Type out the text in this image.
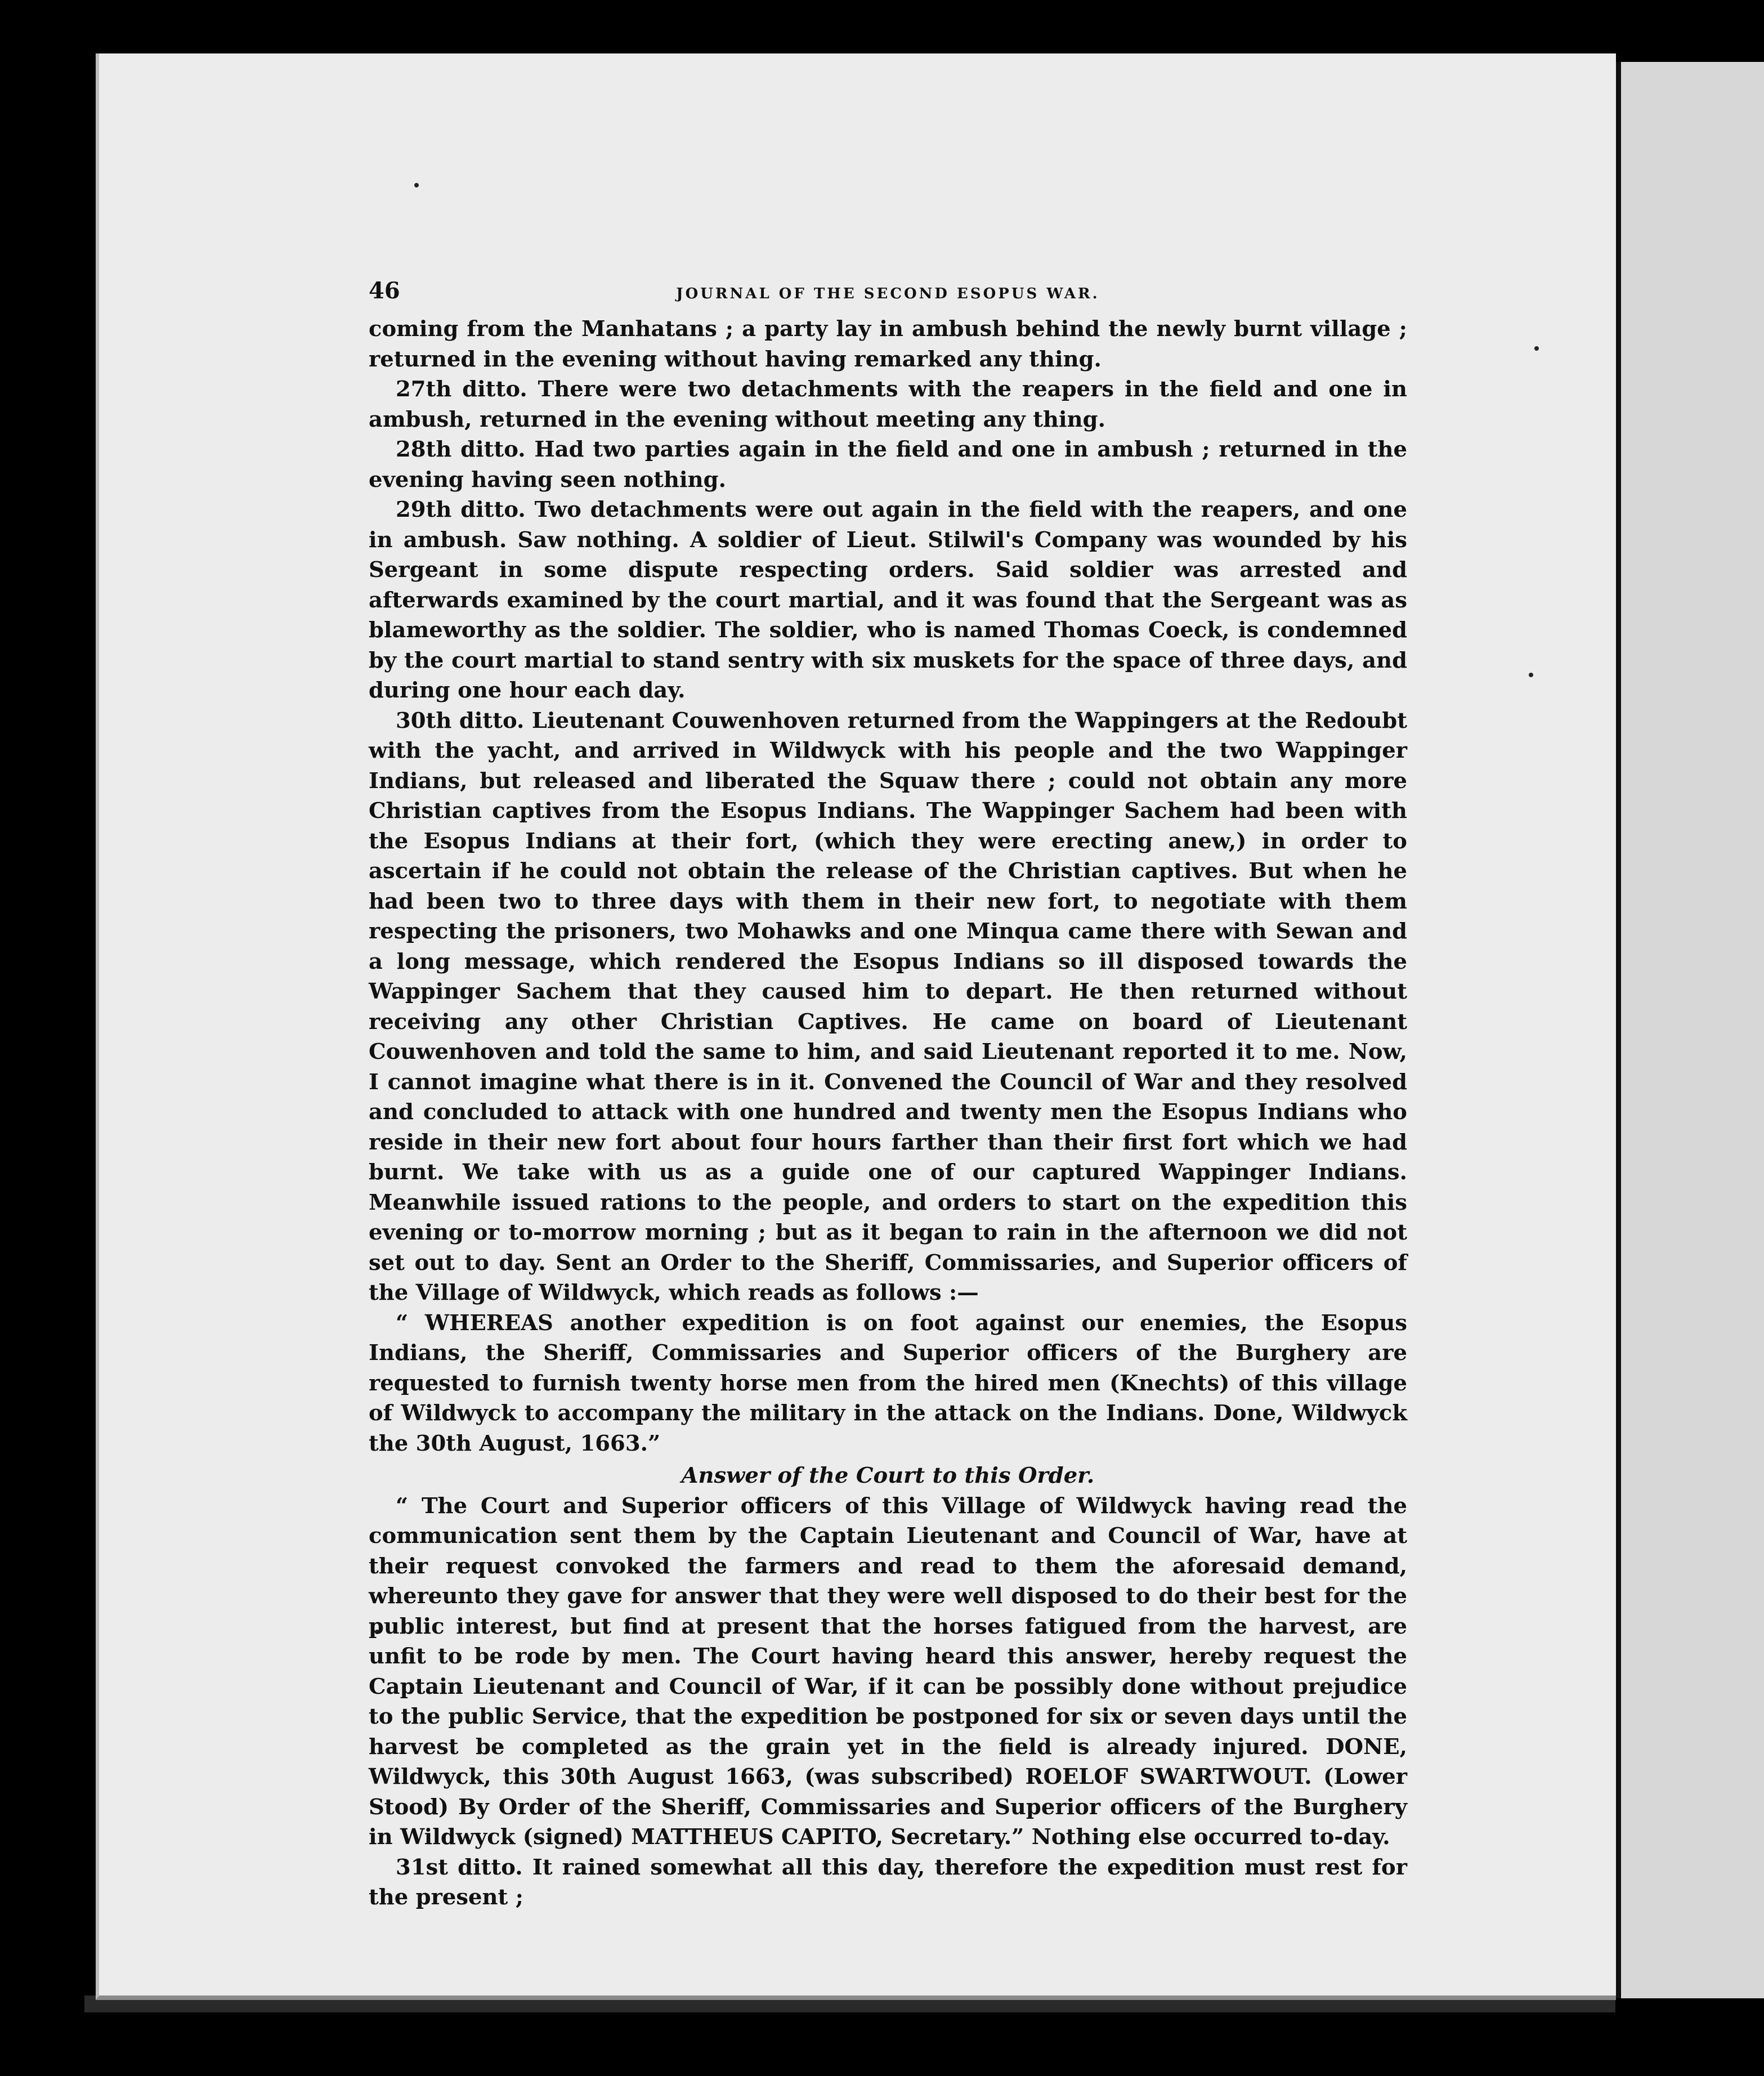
46	JOURNAL OF THE SECOND ESOPUS WAR.

coming from the Manhatans ; a party lay in ambush behind the newly burnt village ; returned in the evening without having remarked any thing.

27th ditto. There were two detachments with the reapers in the field and one in ambush, returned in the evening without meeting any thing.

28th ditto. Had two parties again in the field and one in ambush ; returned in the evening having seen nothing.

29th ditto. Two detachments were out again in the field with the reapers, and one in ambush. Saw nothing. A soldier of Lieut. Stilwil's Company was wounded by his Sergeant in some dispute respecting orders. Said soldier was arrested and afterwards examined by the court martial, and it was found that the Sergeant was as blameworthy as the soldier. The soldier, who is named Thomas Coeck, is condemned by the court martial to stand sentry with six muskets for the space of three days, and during one hour each day.

30th ditto. Lieutenant Couwenhoven returned from the Wappingers at the Redoubt with the yacht, and arrived in Wildwyck with his people and the two Wappinger Indians, but released and liberated the Squaw there ; could not obtain any more Christian captives from the Esopus Indians. The Wappinger Sachem had been with the Esopus Indians at their fort, (which they were erecting anew,) in order to ascertain if he could not obtain the release of the Christian captives. But when he had been two to three days with them in their new fort, to negotiate with them respecting the prisoners, two Mohawks and one Minqua came there with Sewan and a long message, which rendered the Esopus Indians so ill disposed towards the Wappinger Sachem that they caused him to depart. He then returned without receiving any other Christian Captives. He came on board of Lieutenant Couwenhoven and told the same to him, and said Lieutenant reported it to me. Now, I cannot imagine what there is in it. Convened the Council of War and they resolved and concluded to attack with one hundred and twenty men the Esopus Indians who reside in their new fort about four hours farther than their first fort which we had burnt. We take with us as a guide one of our captured Wappinger Indians. Meanwhile issued rations to the people, and orders to start on the expedition this evening or to-morrow morning ; but as it began to rain in the afternoon we did not set out to day. Sent an Order to the Sheriff, Commissaries, and Superior officers of the Village of Wildwyck, which reads as follows :—

“ WHEREAS another expedition is on foot against our enemies, the Esopus Indians, the Sheriff, Commissaries and Superior officers of the Burghery are requested to furnish twenty horse men from the hired men (Knechts) of this village of Wildwyck to accompany the military in the attack on the Indians. Done, Wildwyck the 30th August, 1663.”

Answer of the Court to this Order.

“ The Court and Superior officers of this Village of Wildwyck having read the communication sent them by the Captain Lieutenant and Council of War, have at their request convoked the farmers and read to them the aforesaid demand, whereunto they gave for answer that they were well disposed to do their best for the public interest, but find at present that the horses fatigued from the harvest, are unfit to be rode by men. The Court having heard this answer, hereby request the Captain Lieutenant and Council of War, if it can be possibly done without prejudice to the public Service, that the expedition be postponed for six or seven days until the harvest be completed as the grain yet in the field is already injured. DONE, Wildwyck, this 30th August 1663, (was subscribed) ROELOF SWARTWOUT. (Lower Stood) By Order of the Sheriff, Commissaries and Superior officers of the Burghery in Wildwyck (signed) MATTHEUS CAPITO, Secretary.” Nothing else occurred to-day.

31st ditto. It rained somewhat all this day, therefore the expedition must rest for the present ;
